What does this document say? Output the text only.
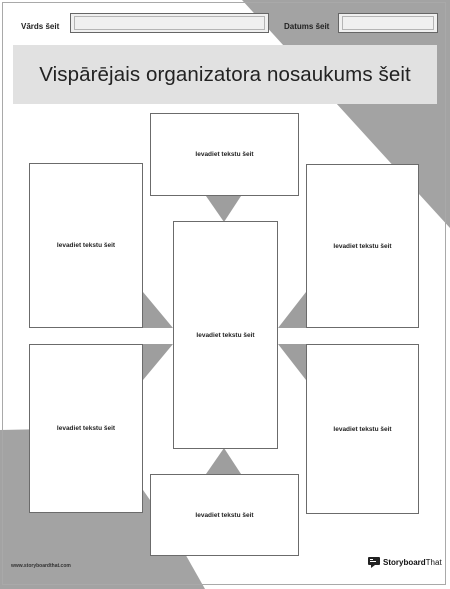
Vārds šeit	Datums šeit
Vispārējais organizatora nosaukums šeit
Ievadiet tekstu šeit
Ievadiet tekstu šeit	Ievadiet tekstu šeit
Ievadiet tekstu šeit
Ievadiet tekstu šeit	Ievadiet tekstu šeit
Ievadiet tekstu šeit
www.storyboardthat.com	StoryboardThat
